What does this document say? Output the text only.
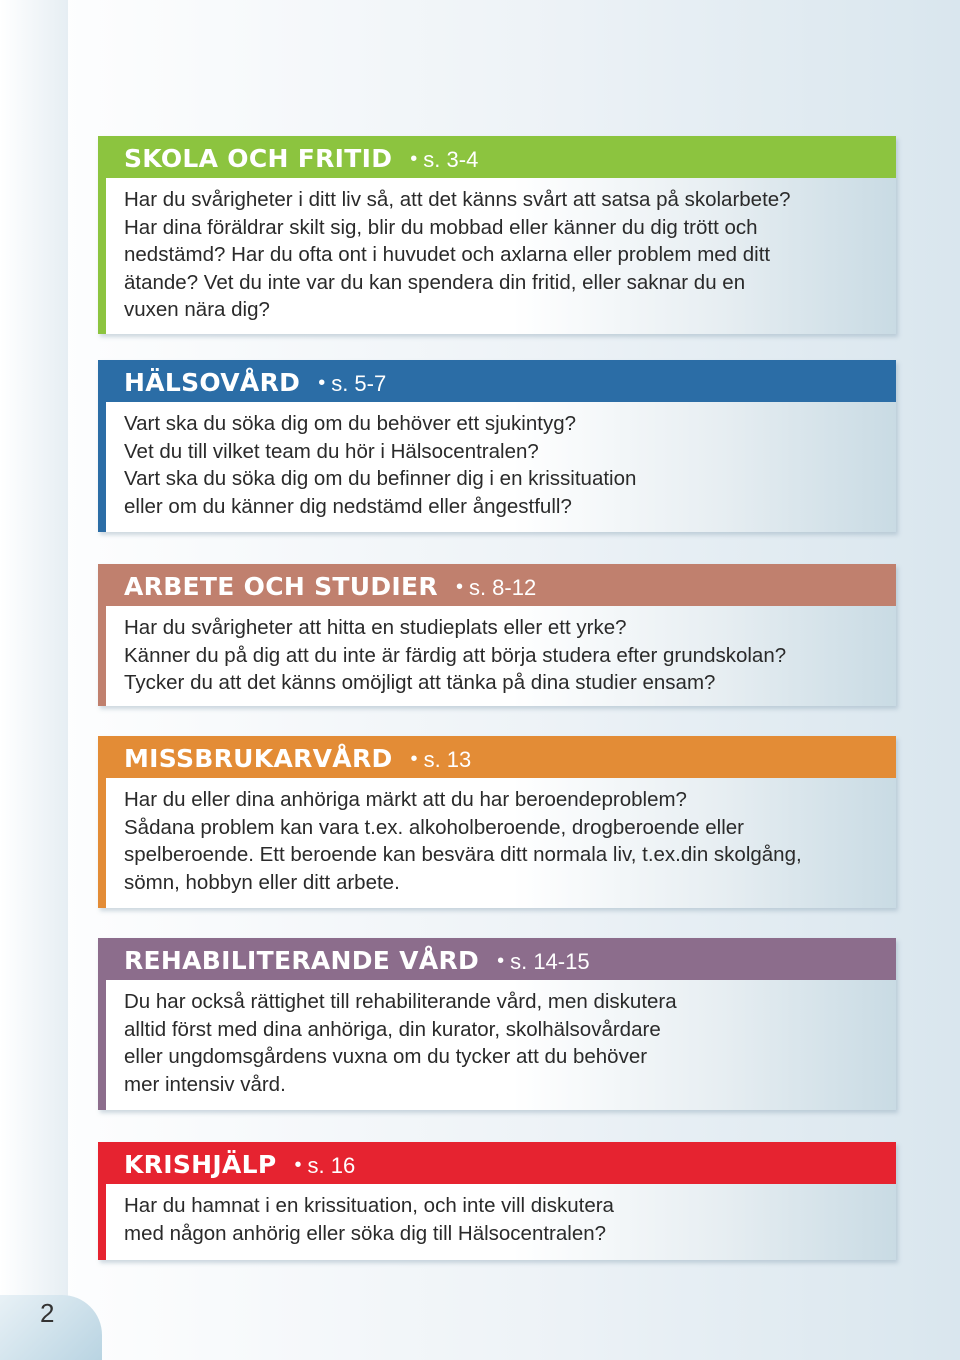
SKOLA OCH FRITID • s. 3-4
Har du svårigheter i ditt liv så, att det känns svårt att satsa på skolarbete?
Har dina föräldrar skilt sig, blir du mobbad eller känner du dig trött och
nedstämd? Har du ofta ont i huvudet och axlarna eller problem med ditt
ätande? Vet du inte var du kan spendera din fritid, eller saknar du en
vuxen nära dig?
HÄLSOVÅRD • s. 5-7
Vart ska du söka dig om du behöver ett sjukintyg?
Vet du till vilket team du hör i Hälsocentralen?
Vart ska du söka dig om du befinner dig i en krissituation
eller om du känner dig nedstämd eller ångestfull?
ARBETE OCH STUDIER • s. 8-12
Har du svårigheter att hitta en studieplats eller ett yrke?
Känner du på dig att du inte är färdig att börja studera efter grundskolan?
Tycker du att det känns omöjligt att tänka på dina studier ensam?
MISSBRUKARVÅRD • s. 13
Har du eller dina anhöriga märkt att du har beroendeproblem?
Sådana problem kan vara t.ex. alkoholberoende, drogberoende eller
spelberoende. Ett beroende kan besvära ditt normala liv, t.ex.din skolgång,
sömn, hobbyn eller ditt arbete.
REHABILITERANDE VÅRD • s. 14-15
Du har också rättighet till rehabiliterande vård, men diskutera
alltid först med dina anhöriga, din kurator, skolhälsovårdare
eller ungdomsgårdens vuxna om du tycker att du behöver
mer intensiv vård.
KRISHJÄLP • s. 16
Har du hamnat i en krissituation, och inte vill diskutera
med någon anhörig eller söka dig till Hälsocentralen?
2
